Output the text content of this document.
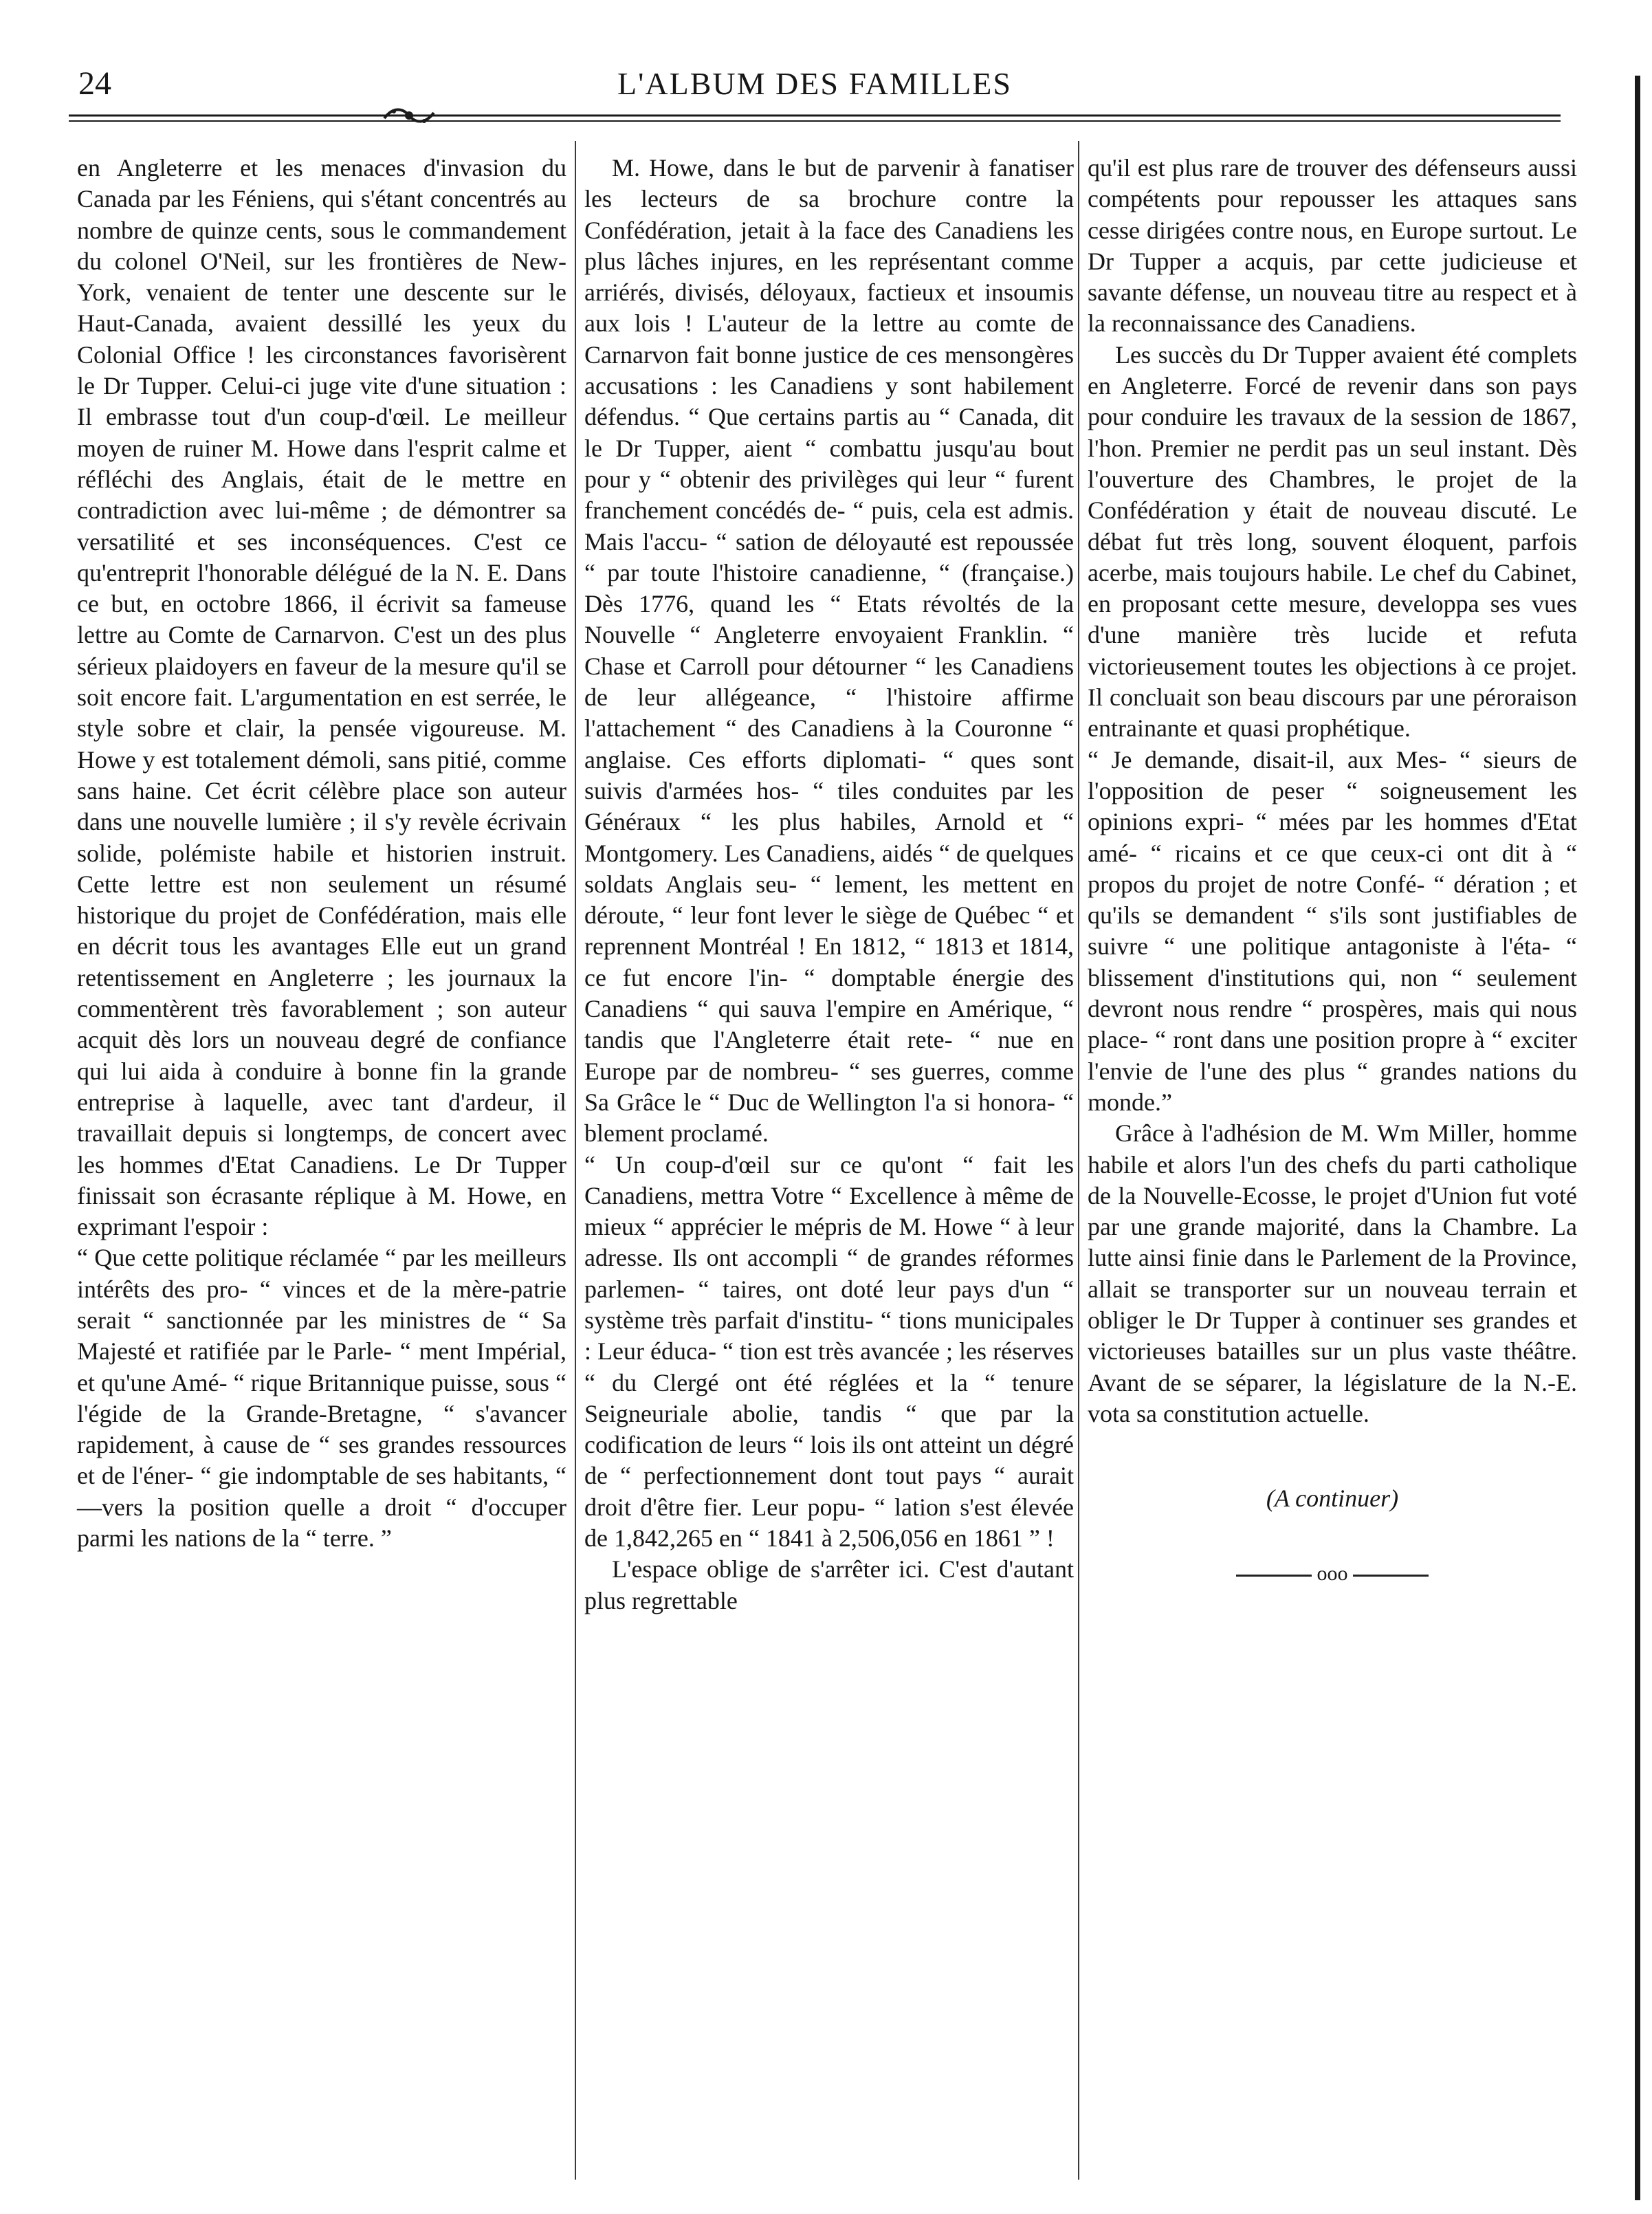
24	L'ALBUM DES FAMILLES

en Angleterre et les menaces d'invasion du Canada par les Féniens, qui s'étant concentrés au nombre de quinze cents, sous le commandement du colonel O'Neil, sur les frontières de New-York, venaient de tenter une descente sur le Haut-Canada, avaient dessillé les yeux du Colonial Office ! les circonstances favorisèrent le Dr Tupper. Celui-ci juge vite d'une situation : Il embrasse tout d'un coup-d'œil. Le meilleur moyen de ruiner M. Howe dans l'esprit calme et réfléchi des Anglais, était de le mettre en contradiction avec lui-même ; de démontrer sa versatilité et ses inconséquences. C'est ce qu'entreprit l'honorable délégué de la N. E. Dans ce but, en octobre 1866, il écrivit sa fameuse lettre au Comte de Carnarvon. C'est un des plus sérieux plaidoyers en faveur de la mesure qu'il se soit encore fait. L'argumentation en est serrée, le style sobre et clair, la pensée vigoureuse. M. Howe y est totalement démoli, sans pitié, comme sans haine. Cet écrit célèbre place son auteur dans une nouvelle lumière ; il s'y revèle écrivain solide, polémiste habile et historien instruit. Cette lettre est non seulement un résumé historique du projet de Confédération, mais elle en décrit tous les avantages Elle eut un grand retentissement en Angleterre ; les journaux la commentèrent très favorablement ; son auteur acquit dès lors un nouveau degré de confiance qui lui aida à conduire à bonne fin la grande entreprise à laquelle, avec tant d'ardeur, il travaillait depuis si longtemps, de concert avec les hommes d'Etat Canadiens. Le Dr Tupper finissait son écrasante réplique à M. Howe, en exprimant l'espoir :

“ Que cette politique réclamée “ par les meilleurs intérêts des pro- “ vinces et de la mère-patrie serait “ sanctionnée par les ministres de “ Sa Majesté et ratifiée par le Parle- “ ment Impérial, et qu'une Amé- “ rique Britannique puisse, sous “ l'égide de la Grande-Bretagne, “ s'avancer rapidement, à cause de “ ses grandes ressources et de l'éner- “ gie indomptable de ses habitants, “ —vers la position quelle a droit “ d'occuper parmi les nations de la “ terre. ”

M. Howe, dans le but de parvenir à fanatiser les lecteurs de sa brochure contre la Confédération, jetait à la face des Canadiens les plus lâches injures, en les représentant comme arriérés, divisés, déloyaux, factieux et insoumis aux lois ! L'auteur de la lettre au comte de Carnarvon fait bonne justice de ces mensongères accusations : les Canadiens y sont habilement défendus. “ Que certains partis au “ Canada, dit le Dr Tupper, aient “ combattu jusqu'au bout pour y “ obtenir des privilèges qui leur “ furent franchement concédés de- “ puis, cela est admis. Mais l'accu- “ sation de déloyauté est repoussée “ par toute l'histoire canadienne, “ (française.) Dès 1776, quand les “ Etats révoltés de la Nouvelle “ Angleterre envoyaient Franklin. “ Chase et Carroll pour détourner “ les Canadiens de leur allégeance, “ l'histoire affirme l'attachement “ des Canadiens à la Couronne “ anglaise. Ces efforts diplomati- “ ques sont suivis d'armées hos- “ tiles conduites par les Généraux “ les plus habiles, Arnold et “ Montgomery. Les Canadiens, aidés “ de quelques soldats Anglais seu- “ lement, les mettent en déroute, “ leur font lever le siège de Québec “ et reprennent Montréal ! En 1812, “ 1813 et 1814, ce fut encore l'in- “ domptable énergie des Canadiens “ qui sauva l'empire en Amérique, “ tandis que l'Angleterre était rete- “ nue en Europe par de nombreu- “ ses guerres, comme Sa Grâce le “ Duc de Wellington l'a si honora- “ blement proclamé.

“ Un coup-d'œil sur ce qu'ont “ fait les Canadiens, mettra Votre “ Excellence à même de mieux “ apprécier le mépris de M. Howe “ à leur adresse. Ils ont accompli “ de grandes réformes parlemen- “ taires, ont doté leur pays d'un “ système très parfait d'institu- “ tions municipales : Leur éduca- “ tion est très avancée ; les réserves “ du Clergé ont été réglées et la “ tenure Seigneuriale abolie, tandis “ que par la codification de leurs “ lois ils ont atteint un dégré de “ perfectionnement dont tout pays “ aurait droit d'être fier. Leur popu- “ lation s'est élevée de 1,842,265 en “ 1841 à 2,506,056 en 1861 ” !

L'espace oblige de s'arrêter ici. C'est d'autant plus regrettable

qu'il est plus rare de trouver des défenseurs aussi compétents pour repousser les attaques sans cesse dirigées contre nous, en Europe surtout. Le Dr Tupper a acquis, par cette judicieuse et savante défense, un nouveau titre au respect et à la reconnaissance des Canadiens.

Les succès du Dr Tupper avaient été complets en Angleterre. Forcé de revenir dans son pays pour conduire les travaux de la session de 1867, l'hon. Premier ne perdit pas un seul instant. Dès l'ouverture des Chambres, le projet de la Confédération y était de nouveau discuté. Le débat fut très long, souvent éloquent, parfois acerbe, mais toujours habile. Le chef du Cabinet, en proposant cette mesure, developpa ses vues d'une manière très lucide et refuta victorieusement toutes les objections à ce projet. Il concluait son beau discours par une péroraison entrainante et quasi prophétique.

“ Je demande, disait-il, aux Mes- “ sieurs de l'opposition de peser “ soigneusement les opinions expri- “ mées par les hommes d'Etat amé- “ ricains et ce que ceux-ci ont dit à “ propos du projet de notre Confé- “ dération ; et qu'ils se demandent “ s'ils sont justifiables de suivre “ une politique antagoniste à l'éta- “ blissement d'institutions qui, non “ seulement devront nous rendre “ prospères, mais qui nous place- “ ront dans une position propre à “ exciter l'envie de l'une des plus “ grandes nations du monde.”

Grâce à l'adhésion de M. Wm Miller, homme habile et alors l'un des chefs du parti catholique de la Nouvelle-Ecosse, le projet d'Union fut voté par une grande majorité, dans la Chambre. La lutte ainsi finie dans le Parlement de la Province, allait se transporter sur un nouveau terrain et obliger le Dr Tupper à continuer ses grandes et victorieuses batailles sur un plus vaste théâtre. Avant de se séparer, la législature de la N.-E. vota sa constitution actuelle.

(A continuer)

ooo
